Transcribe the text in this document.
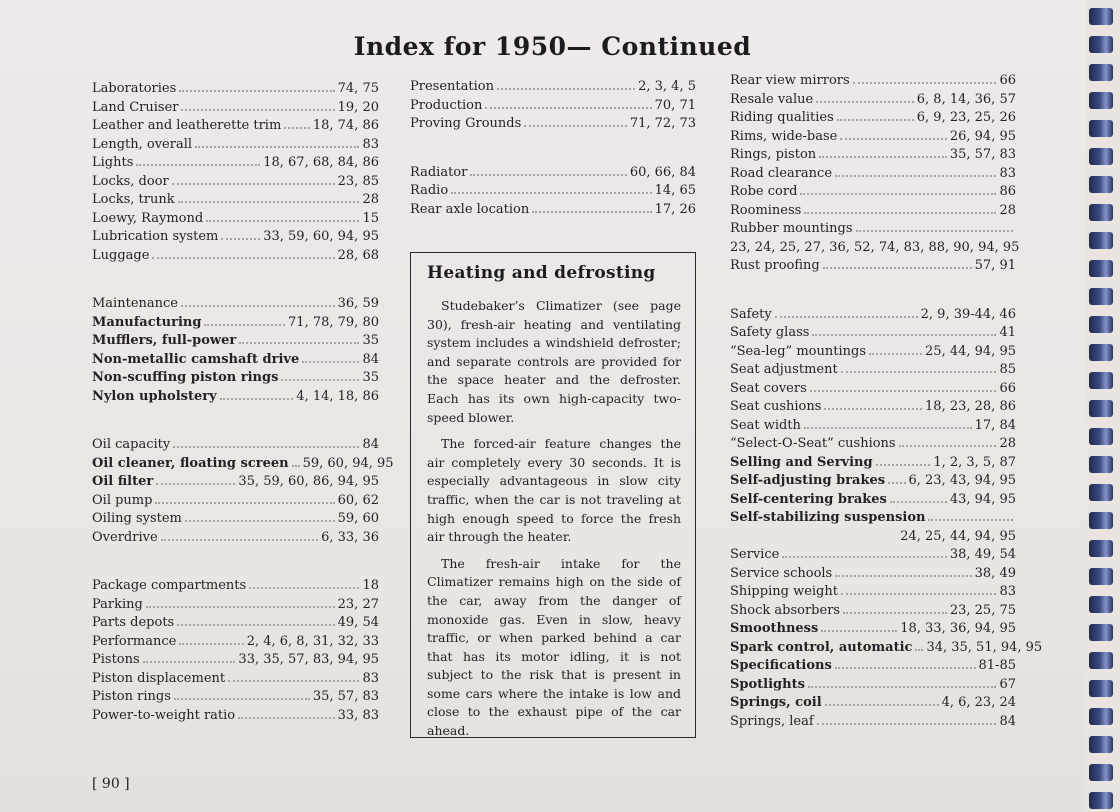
Index for 1950— Continued
Laboratories	74, 75
Land Cruiser	19, 20
Leather and leatherette trim 18, 74, 86
Length, overall	83
Lights	18, 67, 68, 84, 86
Locks, door	23, 85
Locks, trunk	28
Loewy, Raymond	15
Lubrication system	33, 59, 60, 94, 95
Luggage	28, 68
Maintenance	36, 59
Manufacturing	71, 78, 79, 80
Mufflers, full-power	35
Non-metallic camshaft drive	84
Non-scuffing piston rings	35
Nylon upholstery	4, 14, 18, 86
Oil capacity	84
Oil cleaner, floating screen 59, 60, 94, 95
Oil filter	35, 59, 60, 86, 94, 95
Oil pump	60, 62
Oiling system	59, 60
Overdrive	6, 33, 36
Package compartments	18
Parking	23, 27
Parts depots	49, 54
Performance	2, 4, 6, 8, 31, 32, 33
Pistons	33, 35, 57, 83, 94, 95
Piston displacement	83
Piston rings	35, 57, 83
Power-to-weight ratio	33, 83
Presentation	2, 3, 4, 5
Production	70, 71
Proving Grounds	71, 72, 73
Radiator	60, 66, 84
Radio	14, 65
Rear axle location	17, 26
Heating and defrosting

Studebaker’s Climatizer (see page 30), fresh-air heating and ventilating system includes a windshield defroster; and separate controls are provided for the space heater and the defroster. Each has its own high-capacity two-speed blower.

The forced-air feature changes the air completely every 30 seconds. It is especially advantageous in slow city traffic, when the car is not traveling at high enough speed to force the fresh air through the heater.

The fresh-air intake for the Climatizer remains high on the side of the car, away from the danger of monoxide gas. Even in slow, heavy traffic, or when parked behind a car that has its motor idling, it is not subject to the risk that is present in some cars where the intake is low and close to the exhaust pipe of the car ahead.

Rear view mirrors	66
Resale value	6, 8, 14, 36, 57
Riding qualities	6, 9, 23, 25, 26
Rims, wide-base	26, 94, 95
Rings, piston	35, 57, 83
Road clearance	83
Robe cord	86
Roominess	28
Rubber mountings
23, 24, 25, 27, 36, 52, 74, 83, 88, 90, 94, 95
Rust proofing	57, 91
Safety	2, 9, 39-44, 46
Safety glass	41
“Sea-leg” mountings	25, 44, 94, 95
Seat adjustment	85
Seat covers	66
Seat cushions	18, 23, 28, 86
Seat width	17, 84
“Select-O-Seat” cushions	28
Selling and Serving	1, 2, 3, 5, 87
Self-adjusting brakes 6, 23, 43, 94, 95
Self-centering brakes	43, 94, 95
Self-stabilizing suspension
24, 25, 44, 94, 95
Service	38, 49, 54
Service schools	38, 49
Shipping weight	83
Shock absorbers	23, 25, 75
Smoothness	18, 33, 36, 94, 95
Spark control, automatic 34, 35, 51, 94, 95
Specifications	81-85
Spotlights	67
Springs, coil	4, 6, 23, 24
Springs, leaf	84
[ 90 ]
